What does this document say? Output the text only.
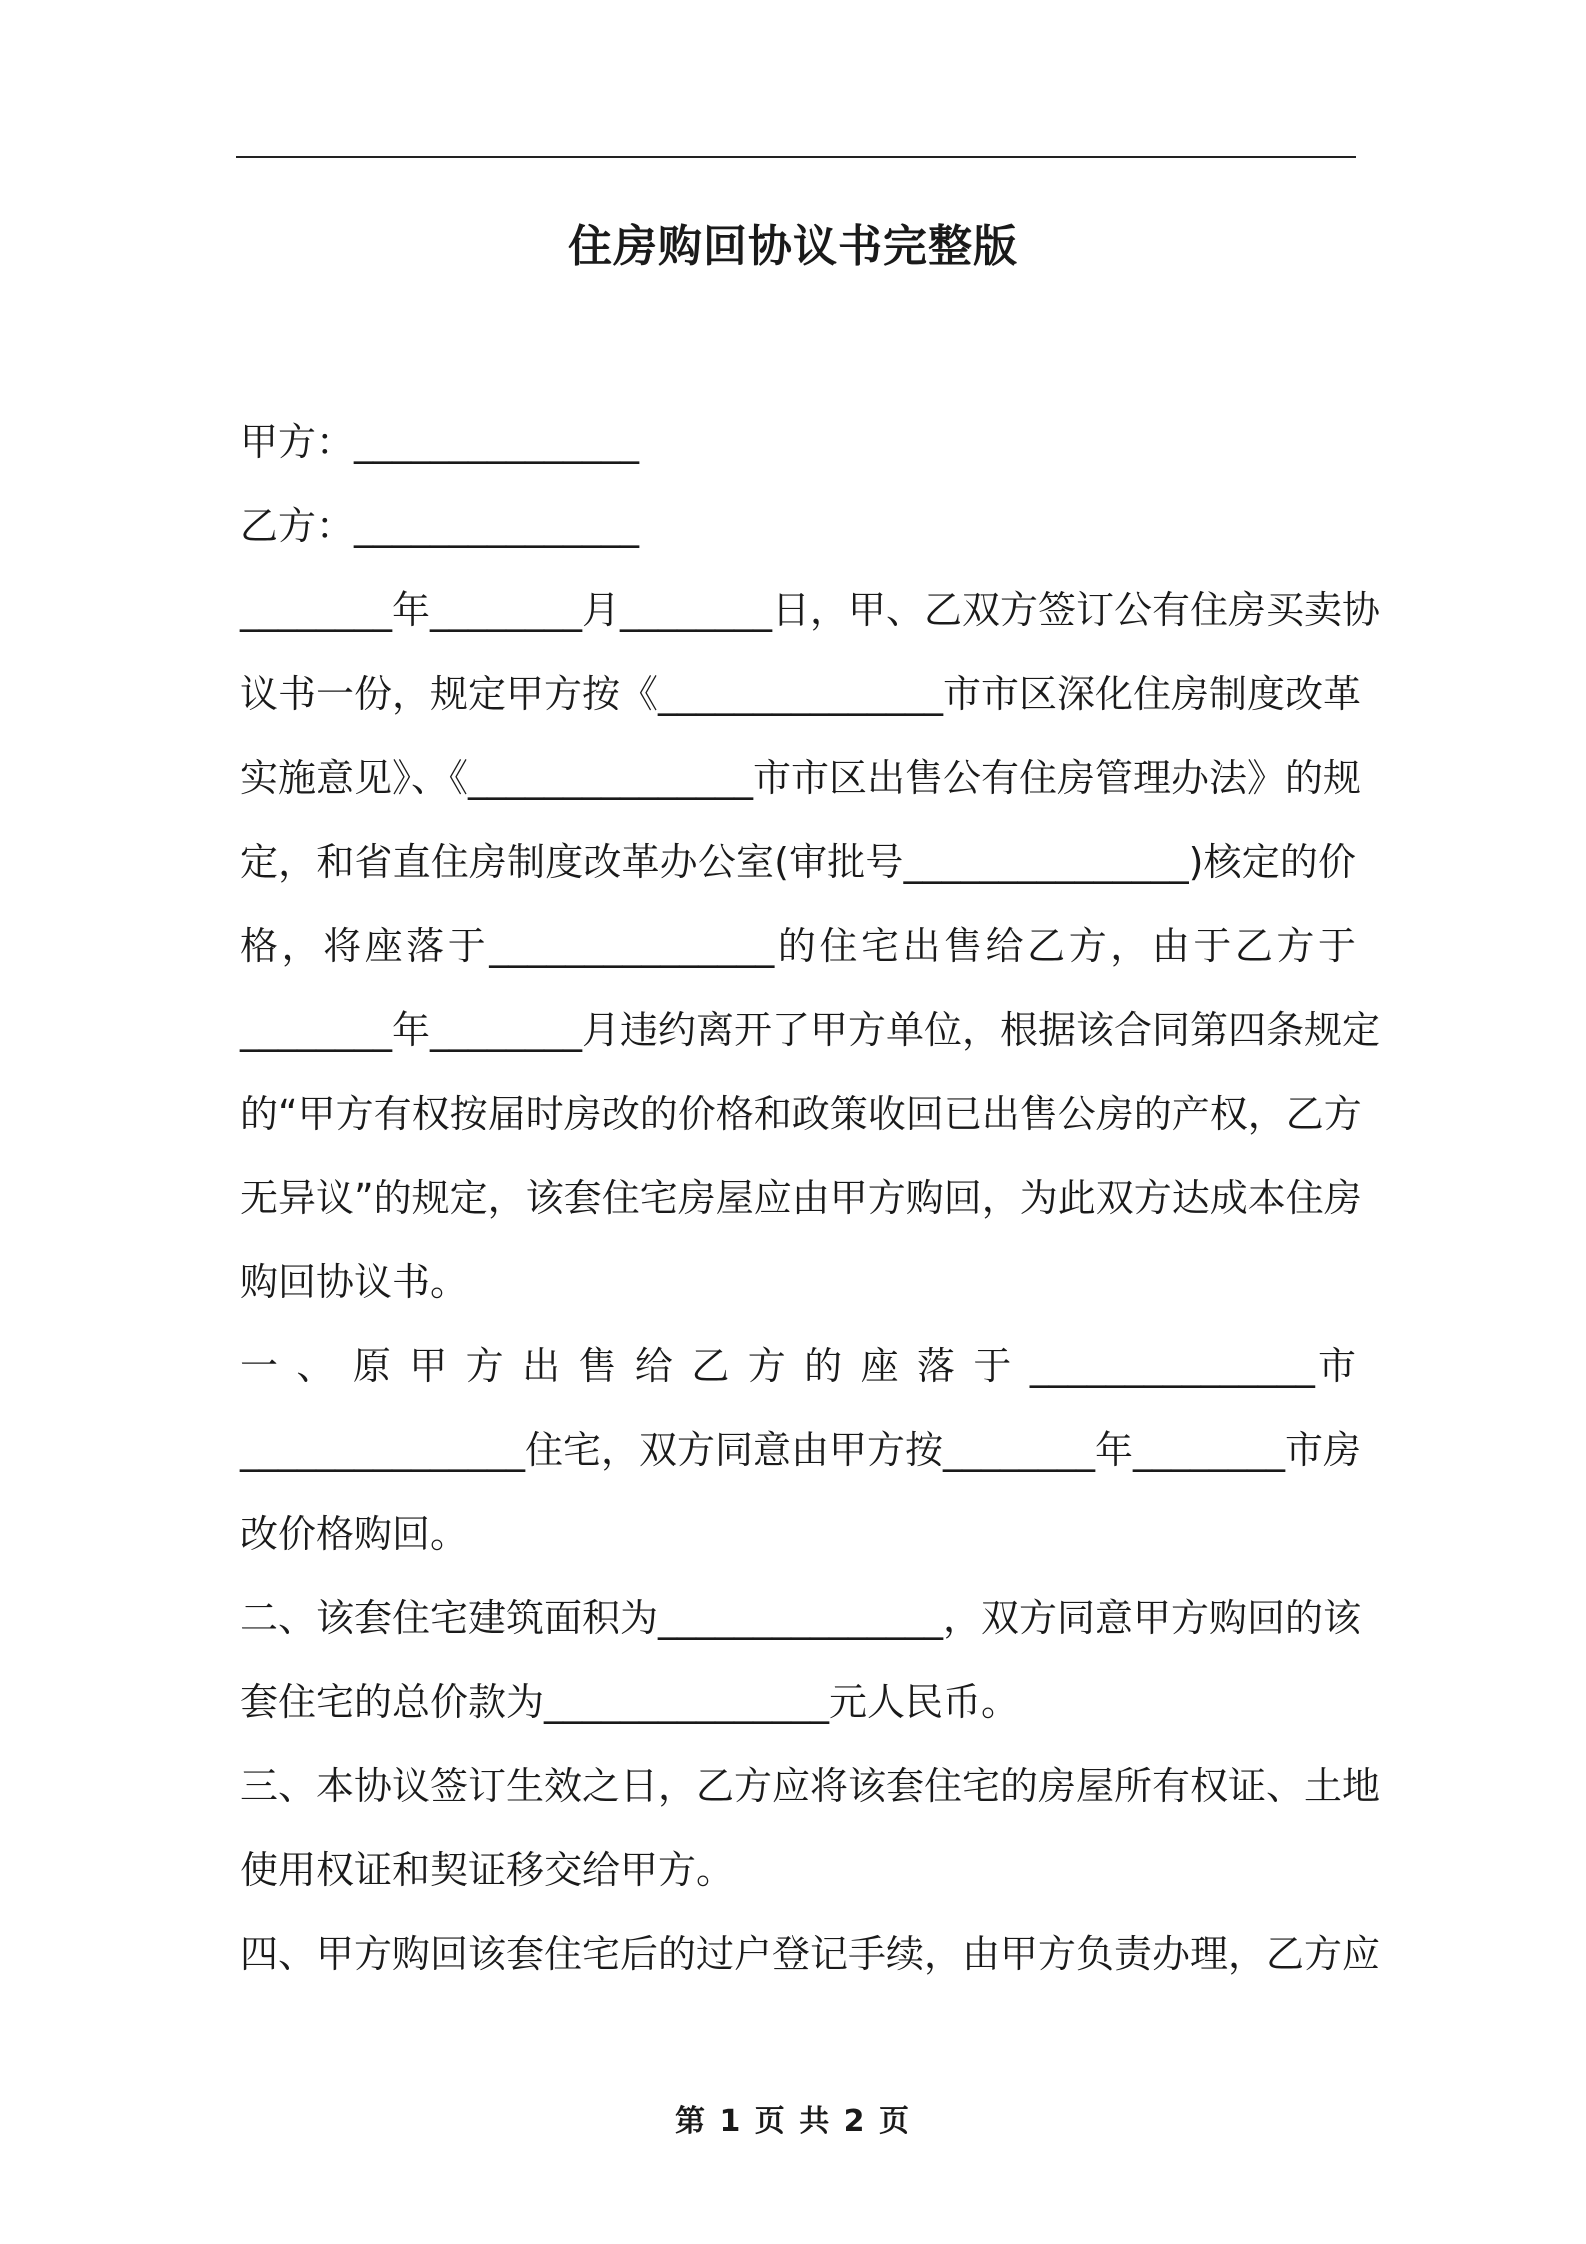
住房购回协议书完整版
甲方：_______________
乙方：_______________
________年________月________日，甲、乙双方签订公有住房买卖协
议书一份，规定甲方按《_______________市市区深化住房制度改革
实施意见》、《_______________市市区出售公有住房管理办法》的规
定，和省直住房制度改革办公室(审批号_______________)核定的价
格，将座落于_______________的住宅出售给乙方，由于乙方于
________年________月违约离开了甲方单位，根据该合同第四条规定
的“甲方有权按届时房改的价格和政策收回已出售公房的产权，乙方
无异议”的规定，该套住宅房屋应由甲方购回，为此双方达成本住房
购回协议书。
一 、 原 甲 方 出 售 给 乙 方 的 座 落 于 _______________市
_______________住宅，双方同意由甲方按________年________市房
改价格购回。
二、该套住宅建筑面积为_______________，双方同意甲方购回的该
套住宅的总价款为_______________元人民币。
三、本协议签订生效之日，乙方应将该套住宅的房屋所有权证、土地
使用权证和契证移交给甲方。
四、甲方购回该套住宅后的过户登记手续，由甲方负责办理，乙方应
第 1 页 共 2 页
